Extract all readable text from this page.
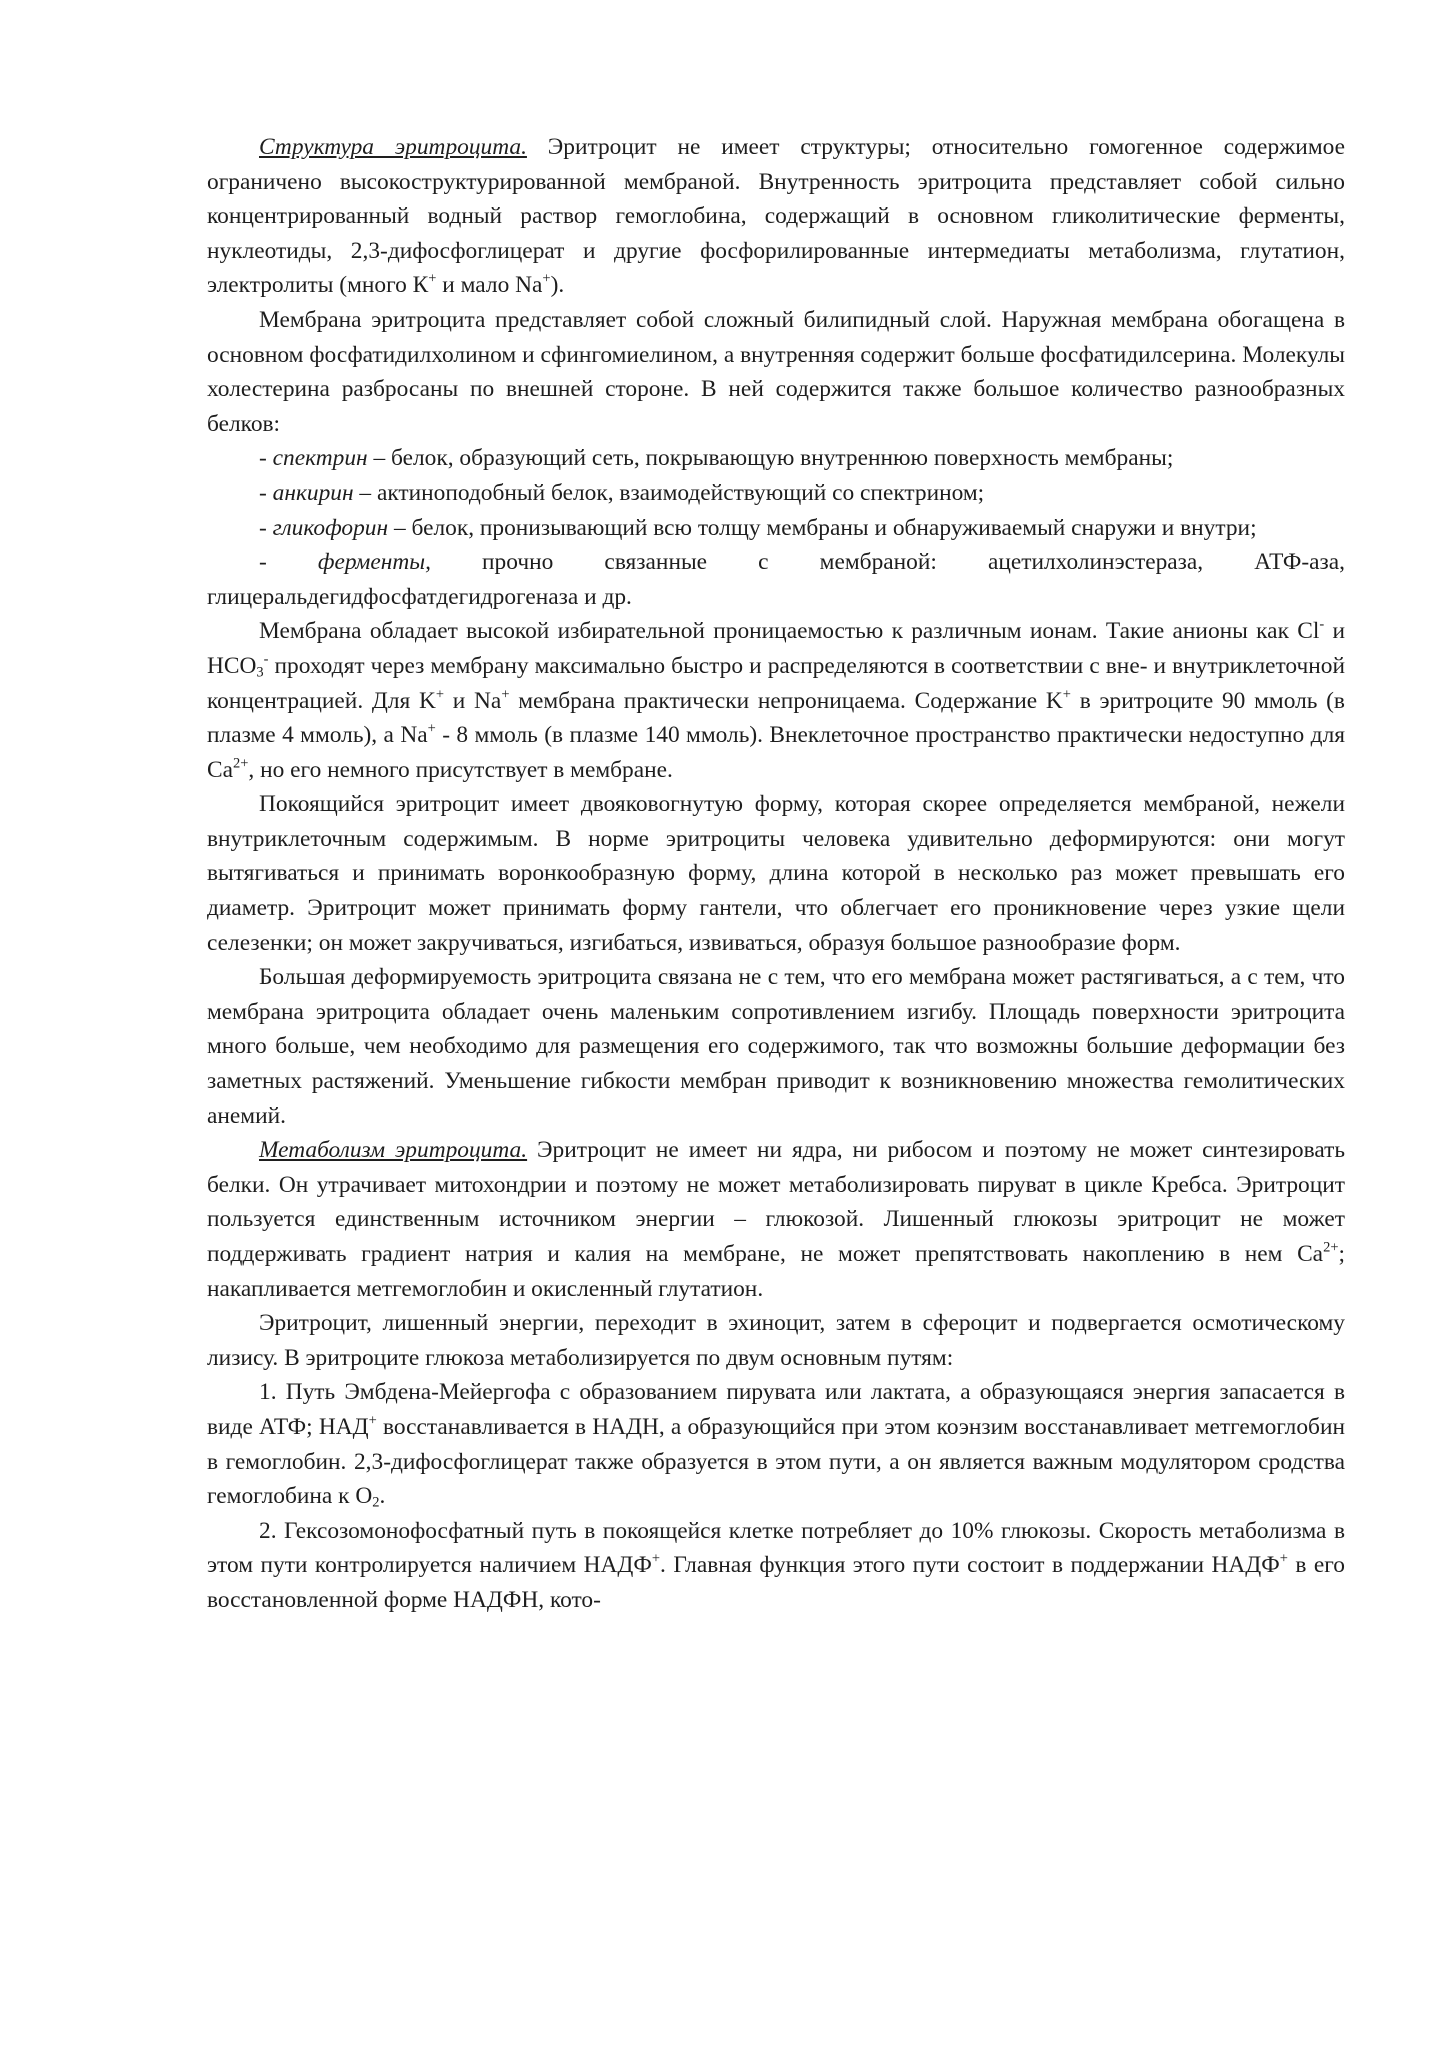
Структура эритроцита. Эритроцит не имеет структуры; относительно гомогенное содержимое ограничено высокоструктурированной мембраной. Внутренность эритроцита представляет собой сильно концентрированный водный раствор гемоглобина, содержащий в основном гликолитические ферменты, нуклеотиды, 2,3-дифосфоглицерат и другие фосфорилированные интермедиаты метаболизма, глутатион, электролиты (много К+ и мало Na+).

Мембрана эритроцита представляет собой сложный билипидный слой. Наружная мембрана обогащена в основном фосфатидилхолином и сфингомиелином, а внутренняя содержит больше фосфатидилсерина. Молекулы холестерина разбросаны по внешней стороне. В ней содержится также большое количество разнообразных белков:

- спектрин – белок, образующий сеть, покрывающую внутреннюю поверхность мембраны;

- анкирин – актиноподобный белок, взаимодействующий со спектрином;

- гликофорин – белок, пронизывающий всю толщу мембраны и обнаруживаемый снаружи и внутри;

- ферменты, прочно связанные с мембраной: ацетилхолинэстераза, АТФ-аза, глицеральдегидфосфатдегидрогеназа и др.

Мембрана обладает высокой избирательной проницаемостью к различным ионам. Такие анионы как Cl- и $HCO_3^-$ проходят через мембрану максимально быстро и распределяются в соответствии с вне- и внутриклеточной концентрацией. Для K+ и Na+ мембрана практически непроницаема. Содержание K+ в эритроците 90 ммоль (в плазме 4 ммоль), а Na+ - 8 ммоль (в плазме 140 ммоль). Внеклеточное пространство практически недоступно для $Ca^{2+}$, но его немного присутствует в мембране.

Покоящийся эритроцит имеет двояковогнутую форму, которая скорее определяется мембраной, нежели внутриклеточным содержимым. В норме эритроциты человека удивительно деформируются: они могут вытягиваться и принимать воронкообразную форму, длина которой в несколько раз может превышать его диаметр. Эритроцит может принимать форму гантели, что облегчает его проникновение через узкие щели селезенки; он может закручиваться, изгибаться, извиваться, образуя большое разнообразие форм.

Большая деформируемость эритроцита связана не с тем, что его мембрана может растягиваться, а с тем, что мембрана эритроцита обладает очень маленьким сопротивлением изгибу. Площадь поверхности эритроцита много больше, чем необходимо для размещения его содержимого, так что возможны большие деформации без заметных растяжений. Уменьшение гибкости мембран приводит к возникновению множества гемолитических анемий.

Метаболизм эритроцита. Эритроцит не имеет ни ядра, ни рибосом и поэтому не может синтезировать белки. Он утрачивает митохондрии и поэтому не может метаболизировать пируват в цикле Кребса. Эритроцит пользуется единственным источником энергии – глюкозой. Лишенный глюкозы эритроцит не может поддерживать градиент натрия и калия на мембране, не может препятствовать накоплению в нем $Ca^{2+}$; накапливается метгемоглобин и окисленный глутатион.

Эритроцит, лишенный энергии, переходит в эхиноцит, затем в сфероцит и подвергается осмотическому лизису. В эритроците глюкоза метаболизируется по двум основным путям:

1. Путь Эмбдена-Мейергофа с образованием пирувата или лактата, а образующаяся энергия запасается в виде АТФ; НАД+ восстанавливается в НАДН, а образующийся при этом коэнзим восстанавливает метгемоглобин в гемоглобин. 2,3-дифосфоглицерат также образуется в этом пути, а он является важным модулятором сродства гемоглобина к $O_2$.

2. Гексозомонофосфатный путь в покоящейся клетке потребляет до 10% глюкозы. Скорость метаболизма в этом пути контролируется наличием НАДФ+. Главная функция этого пути состоит в поддержании НАДФ+ в его восстановленной форме НАДФН, кото-
